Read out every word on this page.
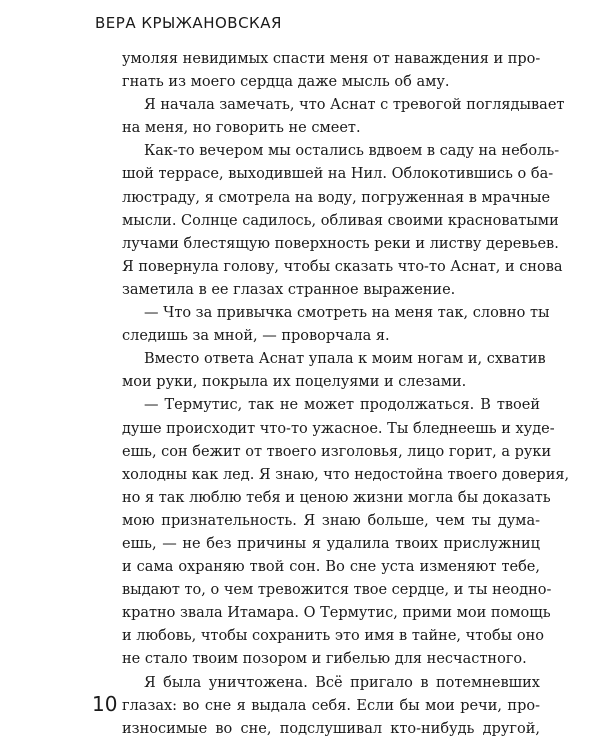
ВЕРА КРЫЖАНОВСКАЯ
умоляя невидимых спасти меня от наваждения и про-
гнать из моего сердца даже мысль об аму.
Я начала замечать, что Аснат с тревогой поглядывает
на меня, но говорить не смеет.
Как-то вечером мы остались вдвоем в саду на неболь-
шой террасе, выходившей на Нил. Облокотившись о ба-
люстраду, я смотрела на воду, погруженная в мрачные
мысли. Солнце садилось, обливая своими красноватыми
лучами блестящую поверхность реки и листву деревьев.
Я повернула голову, чтобы сказать что-то Аснат, и снова
заметила в ее глазах странное выражение.
— Что за привычка смотреть на меня так, словно ты
следишь за мной, — проворчала я.
Вместо ответа Аснат упала к моим ногам и, схватив
мои руки, покрыла их поцелуями и слезами.
— Термутис, так не может продолжаться. В твоей
душе происходит что-то ужасное. Ты бледнеешь и худе-
ешь, сон бежит от твоего изголовья, лицо горит, а руки
холодны как лед. Я знаю, что недостойна твоего доверия,
но я так люблю тебя и ценою жизни могла бы доказать
мою признательность. Я знаю больше, чем ты дума-
ешь, — не без причины я удалила твоих прислужниц
и сама охраняю твой сон. Во сне уста изменяют тебе,
выдают то, о чем тревожится твое сердце, и ты неодно-
кратно звала Итамара. О Термутис, прими мои помощь
и любовь, чтобы сохранить это имя в тайне, чтобы оно
не стало твоим позором и гибелью для несчастного.
Я была уничтожена. Всё пригало в потемневших
глазах: во сне я выдала себя. Если бы мои речи, про-
износимые во сне, подслушивал кто-нибудь другой,
10
